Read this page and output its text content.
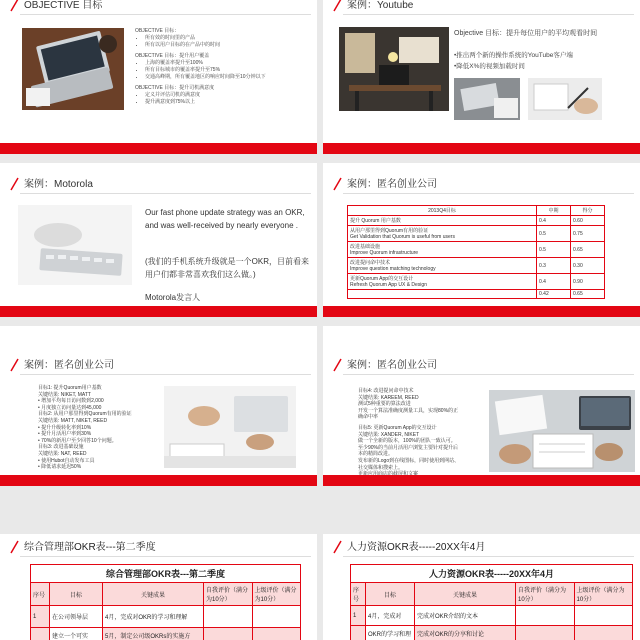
OBJECTIVE 目标
OBJECTIVE 目标：
• 所有效的时间里的产品
• 所有以用户目标的在产品中的时间
OBJECTIVE 目标：提升用户覆盖
• 上海的覆盖率提升至100%
• 所有目标城市的覆盖率提升至75%
• 交通高峰期，所有覆盖地区的响应时间降至10分钟以下
OBJECTIVE 目标：提升司机满意度
• 定义并评估司机的满意度
• 提升满意度到75%以上
案例：Youtube
Objective 目标：提升每位用户的平均观看时间
•推出两个新的操作系统的YouTube客户端
•降低X%的视频加载时间
案例：Motorola
Our fast phone update strategy was an OKR, and was well-received by nearly everyone .
(我们的手机系统升级就是一个OKR，目前看来用户们都非常喜欢我们这么做。)
Motorola发言人
案例：匿名创业公司
2013Q4目标	中期	得分
提升 Quorum 用户基数	0.4	0.60
从用户那里得到Quorum有用的验证
Get Validation that Quorum is useful from users	0.5	0.75
改进基础设施
Improve Quorum infrastructure	0.5	0.65
改进提问命中技术
Improve question matching technology	0.3	0.30
更新Quorum App的交互设计
Refresh Quorum App UX & Design	0.4	0.90
	0.42	0.65
案例：匿名创业公司
目标1: 提升Quorum用户基数
关键结果: NIKET, MATT
• 增加平均每日访问数到2,000
• 月度独立访问量达到45,000
目标2: 从用户那里得到Quorum有用的验证
关键结果: MATT, NIKET, REED
• 提升升级转化率到10%
• 提升月活用户率到30%
• 70%的新用户至少回答10个问题。
目标3: 改进基础设施
关键结果: NAT, REED
• 使用Hubot自动发布工具
• 降低请求延迟50%
案例：匿名创业公司
目标4: 改进提问命中技术
关键结果: KAREEM, REED
测试5种重要的算法改进
开发一个算法准确度测量工具，实现80%的正
确命中率
目标5: 更新Quorum App的交互设计
关键结果: XANDER, NIKET
做一个全新的版本，100%的团队一致认可。
至少90%的当前月活用户浏览主要针对提升后
本的精简改进。
发布新的Logo到在线图标，同时使用到网站、
社交媒体和搜索上。
综合管理部OKR表---第二季度
综合管理部OKR表---第二季度				
序号	目标	关键成果	自我评价（满分为10分）	上级评价（满分为10分）
1	在公司领导层	4月，完成对OKR的学习和理解		
	建立一个可实	5月，制定公司级OKRs的实施方		
人力资源OKR表-----20XX年4月
人力资源OKR表-----20XX年4月				
序号	目标	关键成果	自我评价（满分为10分）	上级评价（满分为10分）
1	4月，完成对	完成对OKR介绍的文本		
	OKR的学习和理	完成对OKR的分享和讨论		
